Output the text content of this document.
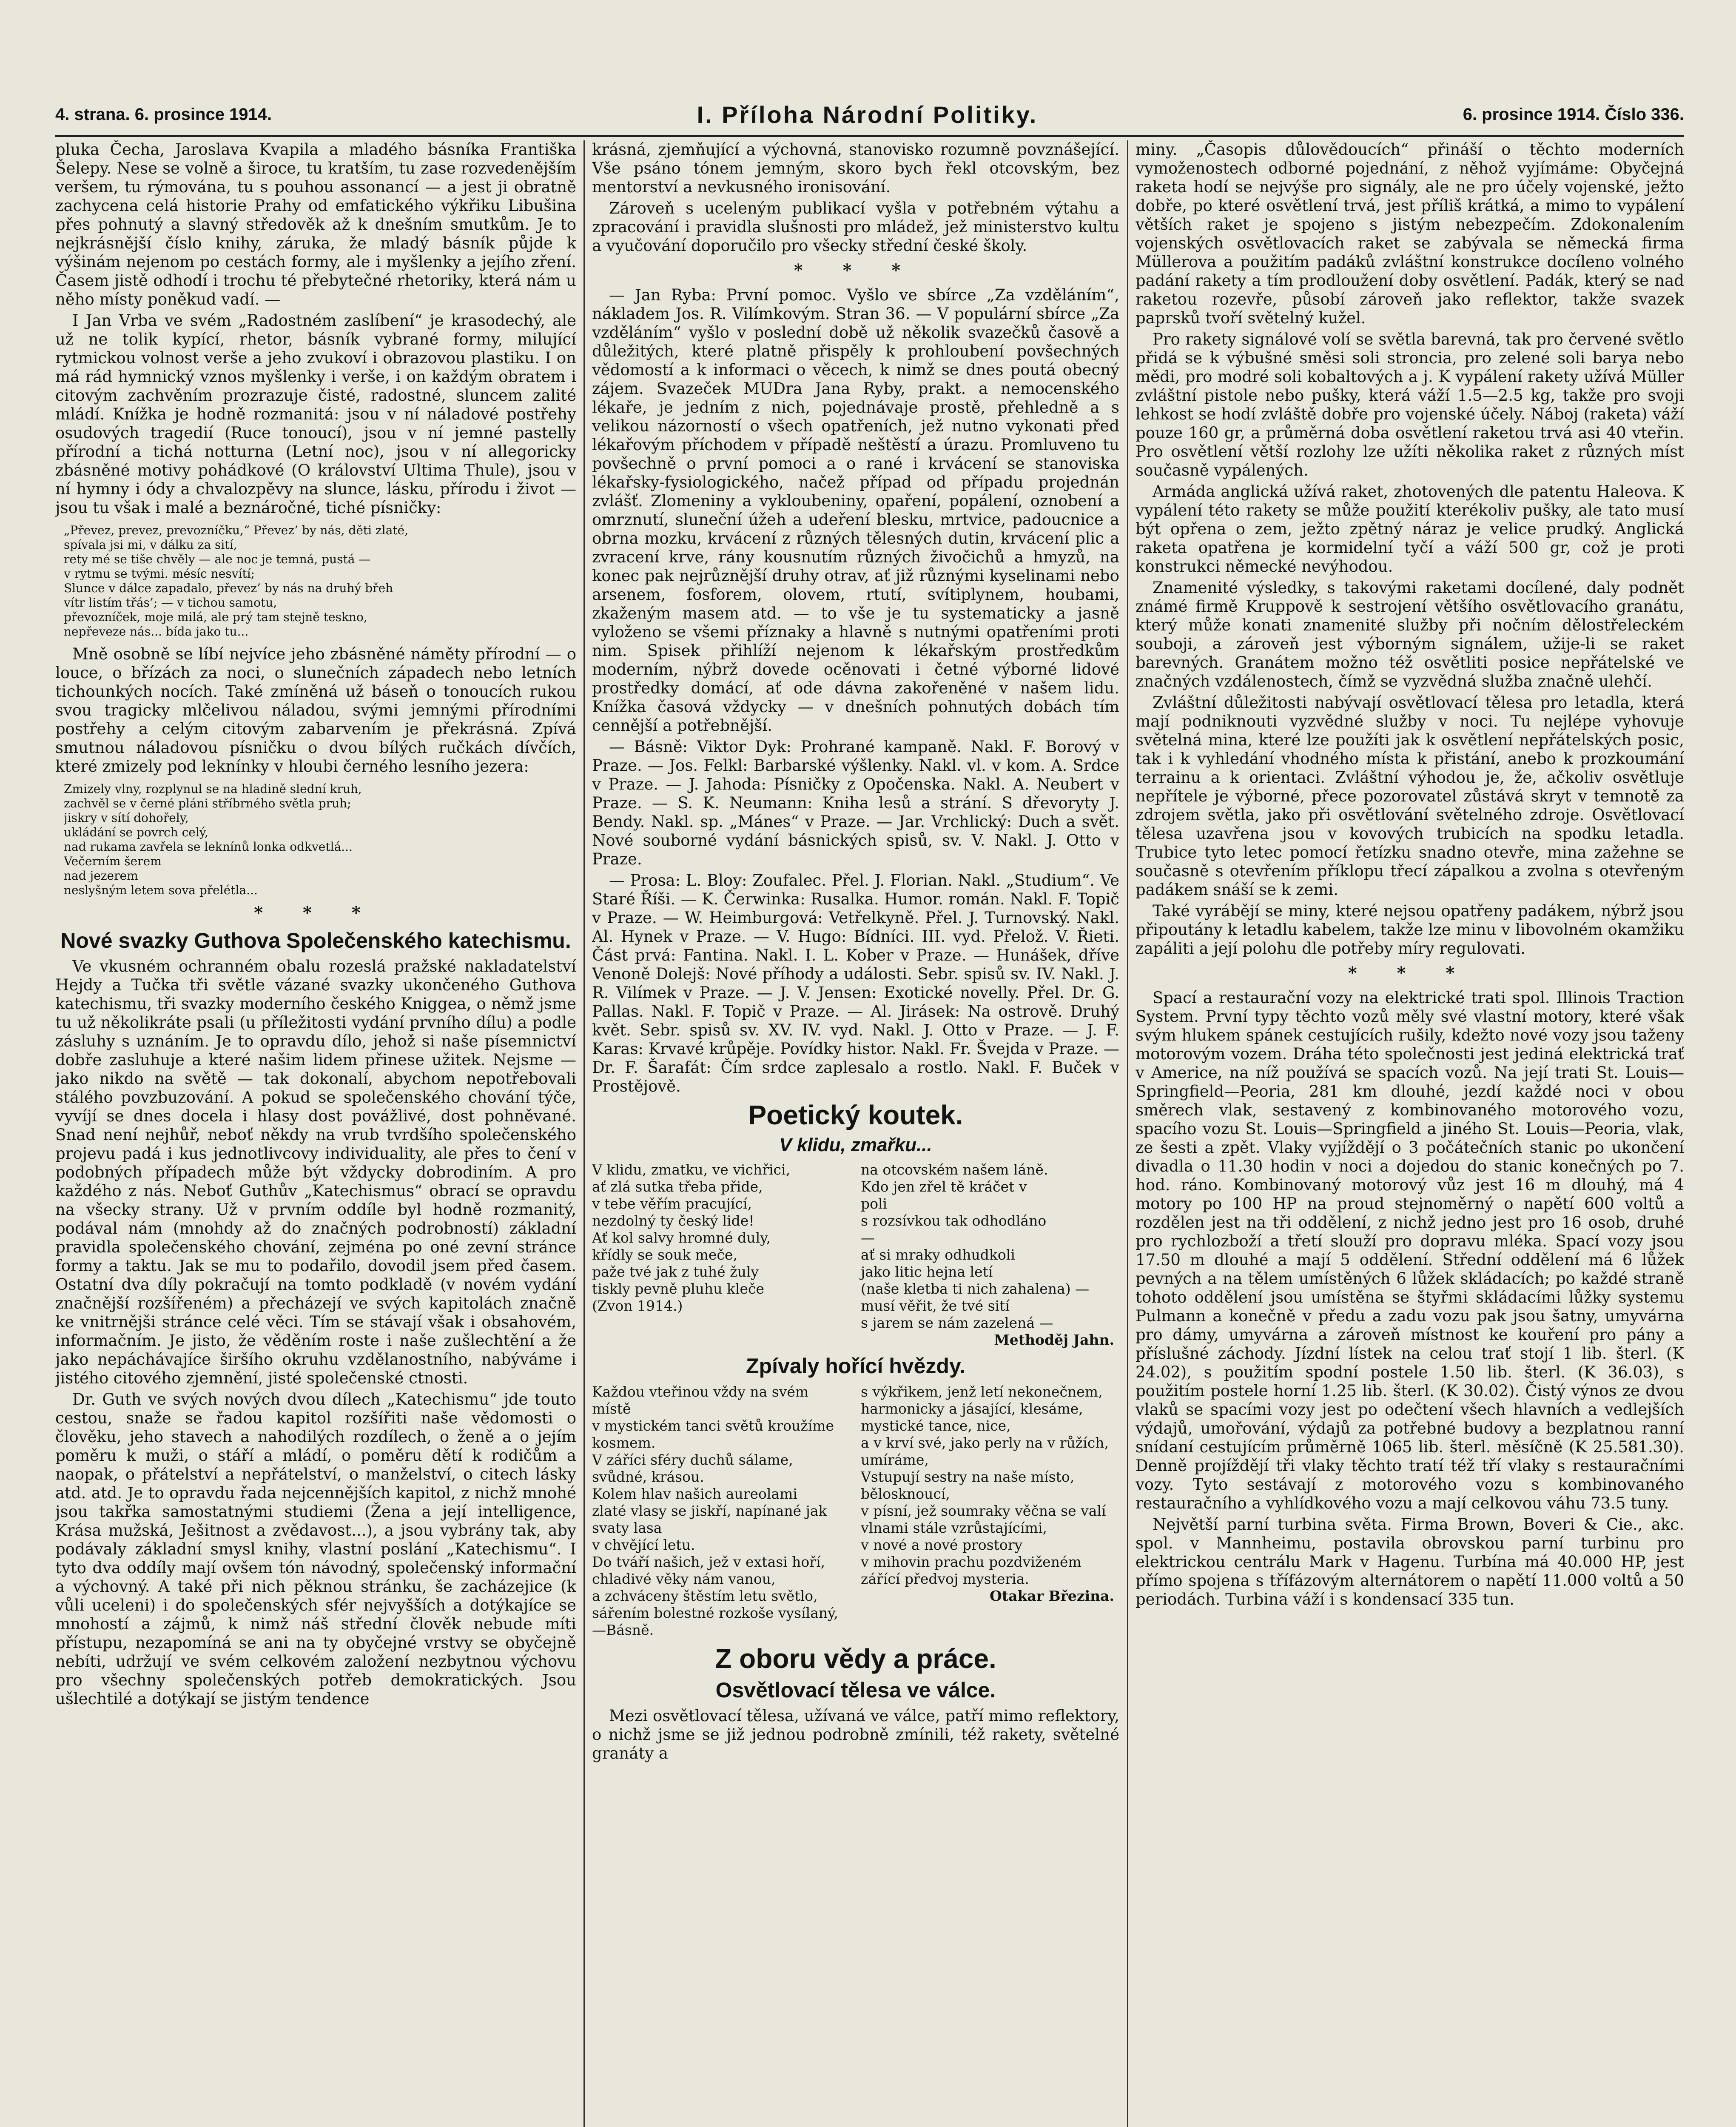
4. strana. 6. prosince 1914.	I. Příloha Národní Politiky.	6. prosince 1914. Číslo 336.

pluka Čecha, Jaroslava Kvapila a mladého básníka Františka Šelepy. Nese se volně a široce, tu kratším, tu zase rozvedenějším veršem, tu rýmována, tu s pouhou assonancí — a jest ji obratně zachycena celá historie Prahy od emfatického výkřiku Libušina přes pohnutý a slavný středověk až k dnešním smutkům. Je to nejkrásnější číslo knihy, záruka, že mladý básník půjde k výšinám nejenom po cestách formy, ale i myšlenky a jejího zření. Časem jistě odhodí i trochu té přebytečné rhetoriky, která nám u něho místy poněkud vadí. —

I Jan Vrba ve svém „Radostném zaslíbení“ je krasodechý, ale už ne tolik kypící, rhetor, básník vybrané formy, milující rytmickou volnost verše a jeho zvukoví i obrazovou plastiku. I on má rád hymnický vznos myšlenky i verše, i on každým obratem i citovým zachvěním prozrazuje čisté, radostné, sluncem zalité mládí. Knížka je hodně rozmanitá: jsou v ní náladové postřehy osudových tragedií (Ruce tonoucí), jsou v ní jemné pastelly přírodní a tichá notturna (Letní noc), jsou v ní allegoricky zbásněné motivy pohádkové (O království Ultima Thule), jsou v ní hymny i ódy a chvalozpěvy na slunce, lásku, přírodu i život — jsou tu však i malé a beznáročné, tiché písničky:

„Převez, prevez, prevozníčku,“ Převez’ by nás, děti zlaté,
spívala jsi mi, v dálku za sití,
rety mé se tiše chvěly — ale noc je temná, pustá —
v rytmu se tvými. mésíc nesvítí;
Slunce v dálce zapadalo, převez’ by nás na druhý břeh
vítr listím třás’; — v tichou samotu,
převozníček, moje milá, ale prý tam stejně teskno,
nepřeveze nás... bída jako tu...

Mně osobně se líbí nejvíce jeho zbásněné náměty přírodní — o louce, o břízách za noci, o slunečních západech nebo letních tichounkých nocích. Také zmíněná už báseň o tonoucích rukou svou tragicky mlčelivou náladou, svými jemnými přírodními postřehy a celým citovým zabarvením je překrásná. Zpívá smutnou náladovou písničku o dvou bílých ručkách dívčích, které zmizely pod leknínky v hloubi černého lesního jezera:

Zmizely vlny, rozplynul se na hladině slední kruh,
zachvěl se v černé pláni stříbrného světla pruh;
jiskry v sítí dohořely,
ukládání se povrch celý,
nad rukama zavřela se leknínů lonka odkvetlá...
Večerním šerem
nad jezerem
neslyšným letem sova přelétla...
* * *
Nové svazky Guthova Společenského katechismu.

Ve vkusném ochranném obalu rozeslá pražské nakladatelství Hejdy a Tučka tři světle vázané svazky ukončeného Guthova katechismu, tři svazky moderního českého Kniggea, o němž jsme tu už několikráte psali (u příležitosti vydání prvního dílu) a podle zásluhy s uznáním. Je to opravdu dílo, jehož si naše písemnictví dobře zasluhuje a které našim lidem přinese užitek. Nejsme — jako nikdo na světě — tak dokonalí, abychom nepotřebovali stálého povzbuzování. A pokud se společenského chování týče, vyvíjí se dnes docela i hlasy dost povážlivé, dost pohněvané. Snad není nejhůř, neboť někdy na vrub tvrdšího společenského projevu padá i kus jednotlivcovy individuality, ale přes to čení v podobných případech může být vždycky dobrodiním. A pro každého z nás. Neboť Guthův „Katechismus“ obrací se opravdu na všecky strany. Už v prvním oddíle byl hodně rozmanitý, podával nám (mnohdy až do značných podrobností) základní pravidla společenského chování, zejména po oné zevní stránce formy a taktu. Jak se mu to podařilo, dovodil jsem před časem. Ostatní dva díly pokračují na tomto podkladě (v novém vydání značnější rozšířeném) a přecházejí ve svých kapitolách značně ke vnitrnějši stránce celé věci. Tím se stávají však i obsahovém, informačním. Je jisto, že věděním roste i naše zušlechtění a že jako nepáchávajíce širšího okruhu vzdělanostního, nabýváme i jistého citového zjemnění, jisté společenské ctnosti.

Dr. Guth ve svých nových dvou dílech „Katechismu“ jde touto cestou, snaže se řadou kapitol rozšířiti naše vědomosti o člověku, jeho stavech a nahodilých rozdílech, o ženě a o jejím poměru k muži, o stáří a mládí, o poměru dětí k rodičům a naopak, o přátelství a nepřátelství, o manželství, o citech lásky atd. atd. Je to opravdu řada nejcennějších kapitol, z nichž mnohé jsou takřka samostatnými studiemi (Žena a její intelligence, Krása mužská, Ješitnost a zvědavost...), a jsou vybrány tak, aby podávaly základní smysl knihy, vlastní poslání „Katechismu“. I tyto dva oddíly mají ovšem tón návodný, společenský informační a výchovný. A také při nich pěknou stránku, še zacházejice (k vůli uceleni) i do společenských sfér nejvyšších a dotýkajíce se mnohostí a zájmů, k nimž náš střední člověk nebude míti přístupu, nezapomíná se ani na ty obyčejné vrstvy se obyčejně nebíti, udržují ve svém celkovém založení nezbytnou výchovu pro všechny společenských potřeb demokratických. Jsou ušlechtilé a dotýkají se jistým tendence

krásná, zjemňující a výchovná, stanovisko rozumně povznášející. Vše psáno tónem jemným, skoro bych řekl otcovským, bez mentorství a nevkusného ironisování.

Zároveň s uceleným publikací vyšla v potřebném výtahu a zpracování i pravidla slušnosti pro mládež, jež ministerstvo kultu a vyučování doporučilo pro všecky střední české školy.

* * *

— Jan Ryba: První pomoc. Vyšlo ve sbírce „Za vzděláním“, nákladem Jos. R. Vilímkovým. Stran 36. — V populární sbírce „Za vzděláním“ vyšlo v poslední době už několik svazečků časově a důležitých, které platně přispěly k prohloubení povšechných vědomostí a k informaci o věcech, k nimž se dnes poutá obecný zájem. Svazeček MUDra Jana Ryby, prakt. a nemocenského lékaře, je jedním z nich, pojednávaje prostě, přehledně a s velikou názorností o všech opatřeních, jež nutno vykonati před lékařovým příchodem v případě neštěstí a úrazu. Promluveno tu povšechně o první pomoci a o rané i krvácení se stanoviska lékařsky-fysiologického, načež případ od případu projednán zvlášť. Zlomeniny a vykloubeniny, opaření, popálení, oznobení a omrznutí, sluneční úžeh a udeření blesku, mrtvice, padoucnice a obrna mozku, krvácení z různých tělesných dutin, krvácení plic a zvracení krve, rány kousnutím různých živočichů a hmyzů, na konec pak nejrůznější druhy otrav, ať již různými kyselinami nebo arsenem, fosforem, olovem, rtutí, svítiplynem, houbami, zkaženým masem atd. — to vše je tu systematicky a jasně vyloženo se všemi příznaky a hlavně s nutnými opatřeními proti nim. Spisek přihlíží nejenom k lékařským prostředkům moderním, nýbrž dovede ocěnovati i četné výborné lidové prostředky domácí, ať ode dávna zakořeněné v našem lidu. Knížka časová vždycky — v dnešních pohnutých dobách tím cennější a potřebnější.

— Básně: Viktor Dyk: Prohrané kampaně. Nakl. F. Borový v Praze. — Jos. Felkl: Barbarské výšlenky. Nakl. vl. v kom. A. Srdce v Praze. — J. Jahoda: Písničky z Opočenska. Nakl. A. Neubert v Praze. — S. K. Neumann: Kniha lesů a strání. S dřevoryty J. Bendy. Nakl. sp. „Mánes“ v Praze. — Jar. Vrchlický: Duch a svět. Nové souborné vydání básnických spisů, sv. V. Nakl. J. Otto v Praze.

— Prosa: L. Bloy: Zoufalec. Přel. J. Florian. Nakl. „Studium“. Ve Staré Říši. — K. Čerwinka: Rusalka. Humor. román. Nakl. F. Topič v Praze. — W. Heimburgová: Vetřelkyně. Přel. J. Turnovský. Nakl. Al. Hynek v Praze. — V. Hugo: Bídníci. III. vyd. Přelož. V. Řieti. Část prvá: Fantina. Nakl. I. L. Kober v Praze. — Hunášek, dříve Venoně Dolejš: Nové příhody a události. Sebr. spisů sv. IV. Nakl. J. R. Vilímek v Praze. — J. V. Jensen: Exotické novelly. Přel. Dr. G. Pallas. Nakl. F. Topič v Praze. — Al. Jirásek: Na ostrově. Druhý květ. Sebr. spisů sv. XV. IV. vyd. Nakl. J. Otto v Praze. — J. F. Karas: Krvavé krůpěje. Povídky histor. Nakl. Fr. Švejda v Praze. — Dr. F. Šarafát: Čím srdce zaplesalo a rostlo. Nakl. F. Buček v Prostějově.

Poetický koutek.
V klidu, zmařku...
V klidu, zmatku, ve vichřici,
ať zlá sutka třeba přide,
v tebe věřím pracující,
nezdolný ty český lide!
Ať kol salvy hromné duly,
křídly se souk meče,
paže tvé jak z tuhé žuly
tiskly pevně pluhu kleče
(Zvon 1914.)
na otcovském našem láně.
Kdo jen zřel tě kráčet v
poli
s rozsívkou tak odhodláno
—
ať si mraky odhudkoli
jako litic hejna letí
(naše kletba ti nich zahalena) —
musí věřit, že tvé sití
s jarem se nám zazelená —
Methoděj Jahn.
Zpívaly hořící hvězdy.
Každou vteřinou vždy na svém místě
v mystickém tanci světů kroužíme kosmem.
V záříci sféry duchů sálame, svůdné, krásou.
Kolem hlav našich aureolami
zlaté vlasy se jiskří, napínané jak svaty lasa
v chvějící letu.
Do tváří našich, jež v extasi hoří,
chladivé věky nám vanou,
a zchváceny štěstím letu světlo,
sářením bolestné rozkoše vysílaný,
—Básně.
s výkřikem, jenž letí nekonečnem,
harmonicky a jásající, klesáme, mystické tance, nice,
a v krví své, jako perly na v růžích,
umíráme,
Vstupují sestry na naše místo,
bělosknoucí,
v písní, jež soumraky věčna se valí
vlnami stále vzrůstajícími,
v nové a nové prostory
v mihovin prachu pozdviženém
zářící předvoj mysteria.
Otakar Březina.
Z oboru vědy a práce.
Osvětlovací tělesa ve válce.

Mezi osvětlovací tělesa, užívaná ve válce, patří mimo reflektory, o nichž jsme se již jednou podrobně zmínili, též rakety, světelné granáty a

miny. „Časopis důlovědoucích“ přináší o těchto moderních vymoženostech odborné pojednání, z něhož vyjímáme: Obyčejná raketa hodí se nejvýše pro signály, ale ne pro účely vojenské, ježto dobře, po které osvětlení trvá, jest příliš krátká, a mimo to vypálení větších raket je spojeno s jistým nebezpečím. Zdokonalením vojenských osvětlovacích raket se zabývala se německá firma Müllerova a použitím padáků zvláštní konstrukce docíleno volného padání rakety a tím prodloužení doby osvětlení. Padák, který se nad raketou rozevře, působí zároveň jako reflektor, takže svazek paprsků tvoří světelný kužel.

Pro rakety signálové volí se světla barevná, tak pro červené světlo přidá se k výbušné směsi soli stroncia, pro zelené soli barya nebo mědi, pro modré soli kobaltových a j. K vypálení rakety užívá Müller zvláštní pistole nebo pušky, která váží 1.5—2.5 kg, takže pro svoji lehkost se hodí zvláště dobře pro vojenské účely. Náboj (raketa) váží pouze 160 gr, a průměrná doba osvětlení raketou trvá asi 40 vteřin. Pro osvětlení větší rozlohy lze užíti několika raket z různých míst současně vypálených.

Armáda anglická užívá raket, zhotovených dle patentu Haleova. K vypálení této rakety se může použití kterékoliv pušky, ale tato musí být opřena o zem, ježto zpětný náraz je velice prudký. Anglická raketa opatřena je kormidelní tyčí a váží 500 gr, což je proti konstrukci německé nevýhodou.

Znamenité výsledky, s takovými raketami docílené, daly podnět známé firmě Kruppově k sestrojení většího osvětlovacího granátu, který může konati znamenité služby při nočním dělostřeleckém souboji, a zároveň jest výborným signálem, užije-li se raket barevných. Granátem možno též osvětliti posice nepřátelské ve značných vzdálenostech, čímž se vyzvědná služba značně ulehčí.

Zvláštní důležitosti nabývají osvětlovací tělesa pro letadla, která mají podniknouti vyzvědné služby v noci. Tu nejlépe vyhovuje světelná mina, které lze použíti jak k osvětlení nepřátelských posic, tak i k vyhledání vhodného místa k přistání, anebo k prozkoumání terrainu a k orientaci. Zvláštní výhodou je, že, ačkoliv osvětluje nepřítele je výborné, přece pozorovatel zůstává skryt v temnotě za zdrojem světla, jako při osvětlování světelného zdroje. Osvětlovací tělesa uzavřena jsou v kovových trubicích na spodku letadla. Trubice tyto letec pomocí řetízku snadno otevře, mina zažehne se současně s otevřením příklopu třecí zápalkou a zvolna s otevřeným padákem snáší se k zemi.

Také vyrábějí se miny, které nejsou opatřeny padákem, nýbrž jsou připoutány k letadlu kabelem, takže lze minu v libovolném okamžiku zapáliti a její polohu dle potřeby míry regulovati.

* * *

Spací a restaurační vozy na elektrické trati spol. Illinois Traction System. První typy těchto vozů měly své vlastní motory, které však svým hlukem spánek cestujících rušily, kdežto nové vozy jsou taženy motorovým vozem. Dráha této společnosti jest jediná elektrická trať v Americe, na níž používá se spacích vozů. Na její trati St. Louis—Springfield—Peoria, 281 km dlouhé, jezdí každé noci v obou směrech vlak, sestavený z kombinovaného motorového vozu, spacího vozu St. Louis—Springfield a jiného St. Louis—Peoria, vlak, ze šesti a zpět. Vlaky vyjíždějí o 3 počátečních stanic po ukončení divadla o 11.30 hodin v noci a dojedou do stanic konečných po 7. hod. ráno. Kombinovaný motorový vůz jest 16 m dlouhý, má 4 motory po 100 HP na proud stejnoměrný o napětí 600 voltů a rozdělen jest na tři oddělení, z nichž jedno jest pro 16 osob, druhé pro rychlozboží a třetí slouží pro dopravu mléka. Spací vozy jsou 17.50 m dlouhé a mají 5 oddělení. Střední oddělení má 6 lůžek pevných a na tělem umístěných 6 lůžek skládacích; po každé straně tohoto oddělení jsou umístěna se štyřmi skládacími lůžky systemu Pulmann a konečně v předu a zadu vozu pak jsou šatny, umyvárna pro dámy, umyvárna a zároveň místnost ke kouření pro pány a příslušné záchody. Jízdní lístek na celou trať stojí 1 lib. šterl. (K 24.02), s použitím spodní postele 1.50 lib. šterl. (K 36.03), s použitím postele horní 1.25 lib. šterl. (K 30.02). Čistý výnos ze dvou vlaků se spacími vozy jest po odečtení všech hlavních a vedlejších výdajů, umořování, výdajů za potřebné budovy a bezplatnou ranní snídaní cestujícím průměrně 1065 lib. šterl. měsíčně (K 25.581.30). Denně projíždějí tři vlaky těchto tratí též tří vlaky s restauračními vozy. Tyto sestávají z motorového vozu s kombinovaného restauračního a vyhlídkového vozu a mají celkovou váhu 73.5 tuny.

Největší parní turbina světa. Firma Brown, Boveri & Cie., akc. spol. v Mannheimu, postavila obrovskou parní turbinu pro elektrickou centrálu Mark v Hagenu. Turbína má 40.000 HP, jest přímo spojena s třífázovým alternátorem o napětí 11.000 voltů a 50 periodách. Turbina váží i s kondensací 335 tun.
